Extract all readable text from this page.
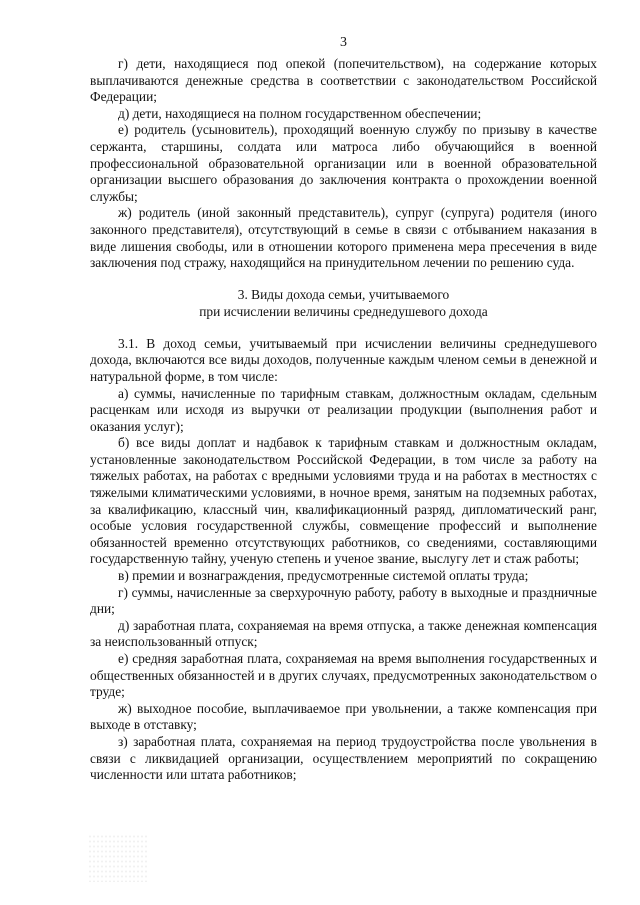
3

г) дети, находящиеся под опекой (попечительством), на содержание которых выплачиваются денежные средства в соответствии с законодательством Российской Федерации;

д) дети, находящиеся на полном государственном обеспечении;

е) родитель (усыновитель), проходящий военную службу по призыву в качестве сержанта, старшины, солдата или матроса либо обучающийся в военной профессиональной образовательной организации или в военной образовательной организации высшего образования до заключения контракта о прохождении военной службы;

ж) родитель (иной законный представитель), супруг (супруга) родителя (иного законного представителя), отсутствующий в семье в связи с отбыванием наказания в виде лишения свободы, или в отношении которого применена мера пресечения в виде заключения под стражу, находящийся на принудительном лечении по решению суда.

3. Виды дохода семьи, учитываемого
при исчислении величины среднедушевого дохода

3.1. В доход семьи, учитываемый при исчислении величины среднедушевого дохода, включаются все виды доходов, полученные каждым членом семьи в денежной и натуральной форме, в том числе:

а) суммы, начисленные по тарифным ставкам, должностным окладам, сдельным расценкам или исходя из выручки от реализации продукции (выполнения работ и оказания услуг);

б) все виды доплат и надбавок к тарифным ставкам и должностным окладам, установленные законодательством Российской Федерации, в том числе за работу на тяжелых работах, на работах с вредными условиями труда и на работах в местностях с тяжелыми климатическими условиями, в ночное время, занятым на подземных работах, за квалификацию, классный чин, квалификационный разряд, дипломатический ранг, особые условия государственной службы, совмещение профессий и выполнение обязанностей временно отсутствующих работников, со сведениями, составляющими государственную тайну, ученую степень и ученое звание, выслугу лет и стаж работы;

в) премии и вознаграждения, предусмотренные системой оплаты труда;

г) суммы, начисленные за сверхурочную работу, работу в выходные и праздничные дни;

д) заработная плата, сохраняемая на время отпуска, а также денежная компенсация за неиспользованный отпуск;

е) средняя заработная плата, сохраняемая на время выполнения государственных и общественных обязанностей и в других случаях, предусмотренных законодательством о труде;

ж) выходное пособие, выплачиваемое при увольнении, а также компенсация при выходе в отставку;

з) заработная плата, сохраняемая на период трудоустройства после увольнения в связи с ликвидацией организации, осуществлением мероприятий по сокращению численности или штата работников;
